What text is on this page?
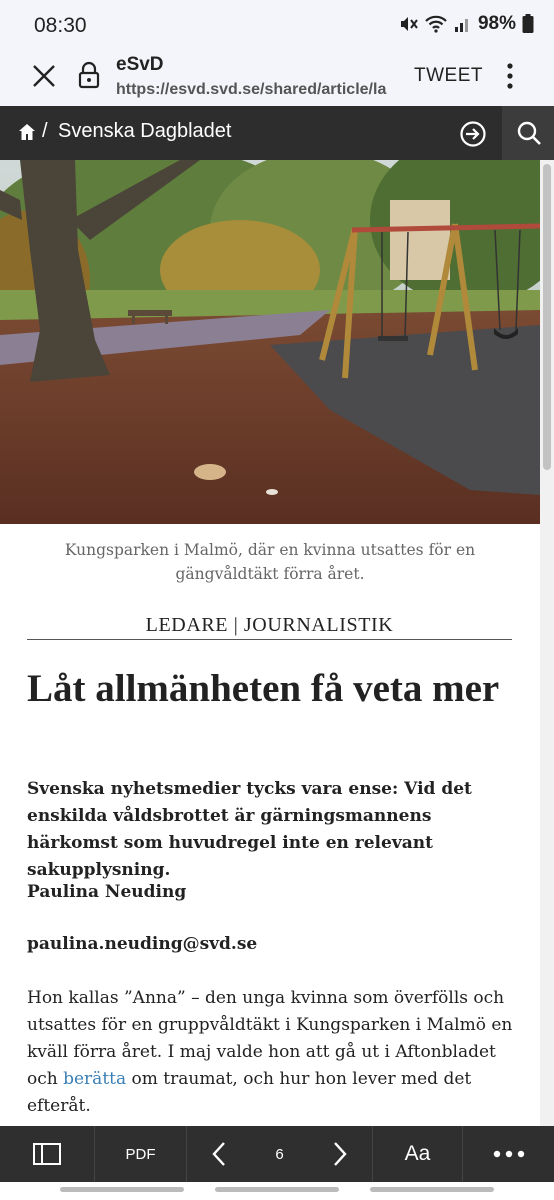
08:30	98%
eSvD
https://esvd.svd.se/shared/article/la
TWEET
/ Svenska Dagbladet
Kungsparken i Malmö, där en kvinna utsattes för en gängvåldtäkt förra året.
LEDARE | JOURNALISTIK
Låt allmänheten få veta mer
Svenska nyhetsmedier tycks vara ense: Vid det enskilda våldsbrottet är gärningsmannens härkomst som huvudregel inte en relevant sakupplysning.
Paulina Neuding
paulina.neuding@svd.se
Hon kallas ”Anna” – den unga kvinna som överfölls och utsattes för en gruppvåldtäkt i Kungsparken i Malmö en kväll förra året. I maj valde hon att gå ut i Aftonbladet och berätta om traumat, och hur hon lever med det efteråt.
PDF	6	Aa
